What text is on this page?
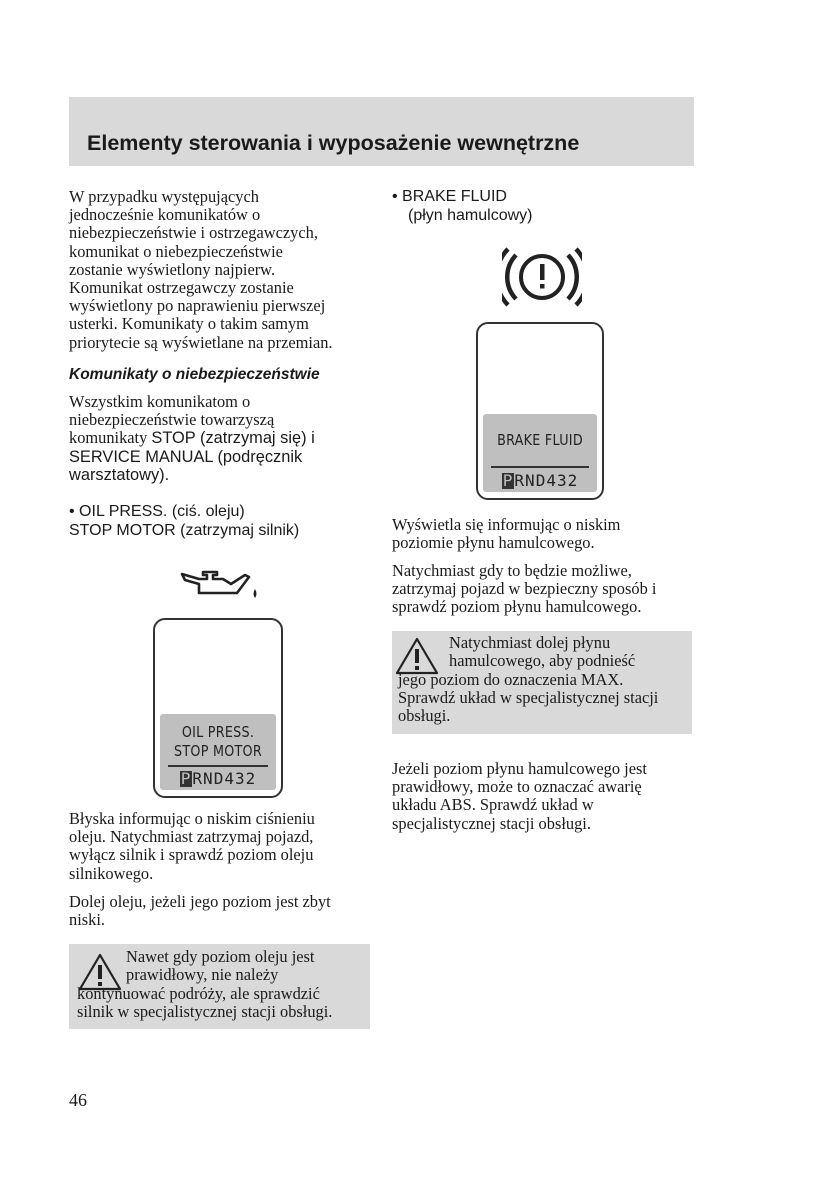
Elementy sterowania i wyposażenie wewnętrzne
W przypadku występujących
jednocześnie komunikatów o
niebezpieczeństwie i ostrzegawczych,
komunikat o niebezpieczeństwie
zostanie wyświetlony najpierw.
Komunikat ostrzegawczy zostanie
wyświetlony po naprawieniu pierwszej
usterki. Komunikaty o takim samym
priorytecie są wyświetlane na przemian.
Komunikaty o niebezpieczeństwie
Wszystkim komunikatom o
niebezpieczeństwie towarzyszą
komunikaty STOP (zatrzymaj się) i
SERVICE MANUAL (podręcznik
warsztatowy).
• OIL PRESS. (ciś. oleju)
STOP MOTOR (zatrzymaj silnik)
OIL PRESS.
STOP MOTOR
PRND432
Błyska informując o niskim ciśnieniu
oleju. Natychmiast zatrzymaj pojazd,
wyłącz silnik i sprawdź poziom oleju
silnikowego.
Dolej oleju, jeżeli jego poziom jest zbyt
niski.
Nawet gdy poziom oleju jest
prawidłowy, nie należy
kontynuować podróży, ale sprawdzić
silnik w specjalistycznej stacji obsługi.
46
• BRAKE FLUID
(płyn hamulcowy)
BRAKE FLUID
PRND432
Wyświetla się informując o niskim
poziomie płynu hamulcowego.
Natychmiast gdy to będzie możliwe,
zatrzymaj pojazd w bezpieczny sposób i
sprawdź poziom płynu hamulcowego.
Natychmiast dolej płynu
hamulcowego, aby podnieść
jego poziom do oznaczenia MAX.
Sprawdź układ w specjalistycznej stacji
obsługi.
Jeżeli poziom płynu hamulcowego jest
prawidłowy, może to oznaczać awarię
układu ABS. Sprawdź układ w
specjalistycznej stacji obsługi.
